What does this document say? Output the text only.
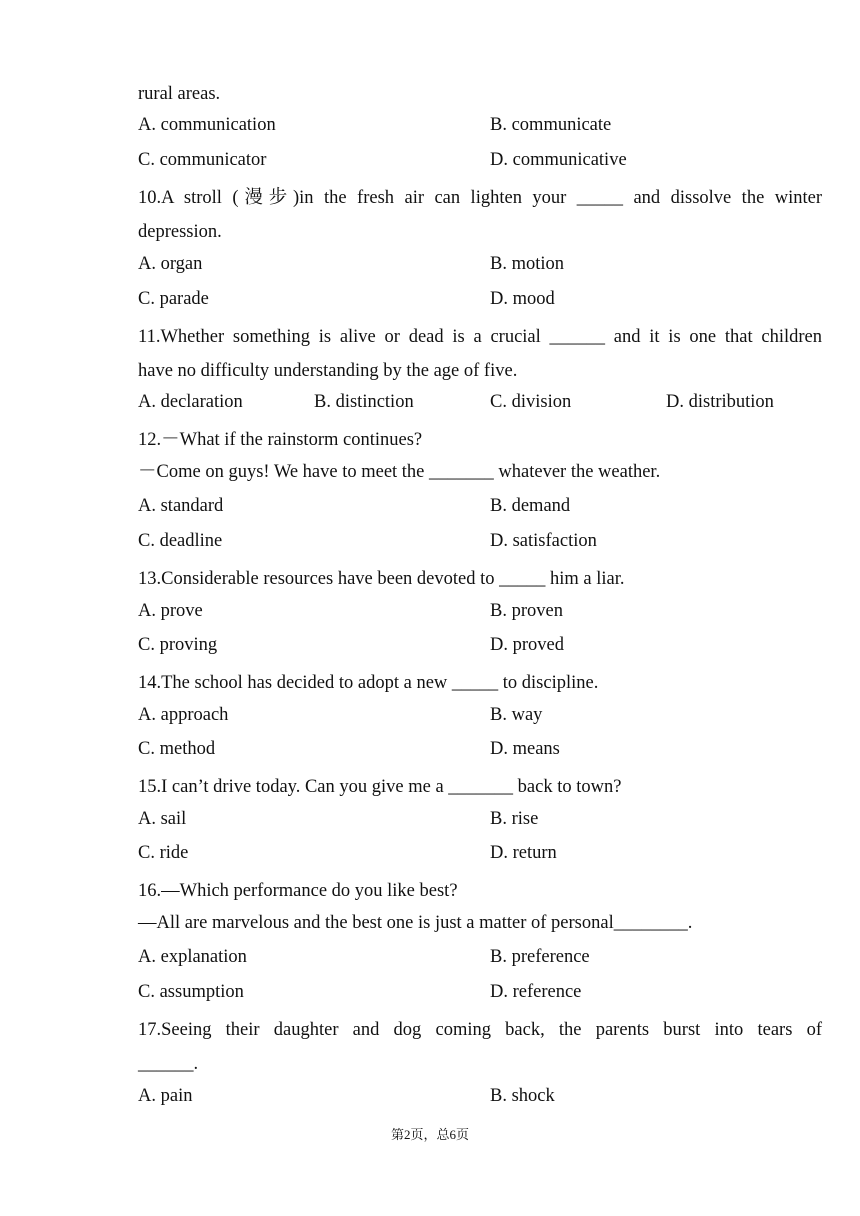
rural areas.
A. communication	B. communicate
C. communicator	D. communicative
10.A stroll (漫步)in the fresh air can lighten your _____ and dissolve the winter
depression.
A. organ	B. motion
C. parade	D. mood
11.Whether something is alive or dead is a crucial ______ and it is one that children
have no difficulty understanding by the age of five.
A. declaration	B. distinction	C. division	D. distribution
12.－What if the rainstorm continues?
－Come on guys! We have to meet the _______ whatever the weather.
A. standard	B. demand
C. deadline	D. satisfaction
13.Considerable resources have been devoted to _____ him a liar.
A. prove	B. proven
C. proving	D. proved
14.The school has decided to adopt a new _____ to discipline.
A. approach	B. way
C. method	D. means
15.I can’t drive today. Can you give me a _______ back to town?
A. sail	B. rise
C. ride	D. return
16.—Which performance do you like best?
—All are marvelous and the best one is just a matter of personal________.
A. explanation	B. preference
C. assumption	D. reference
17.Seeing their daughter and dog coming back, the parents burst into tears of
______.
A. pain	B. shock
第2页，总6页
